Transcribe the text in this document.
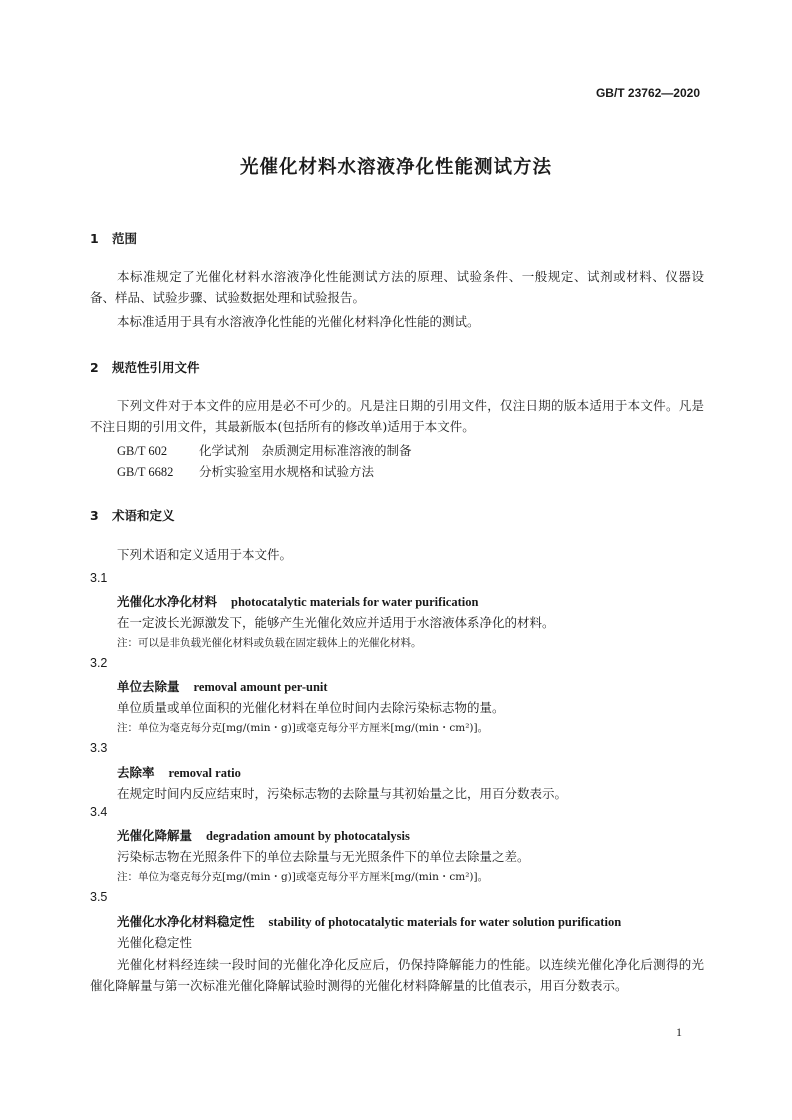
GB/T 23762—2020
光催化材料水溶液净化性能测试方法
1 范围

本标准规定了光催化材料水溶液净化性能测试方法的原理、试验条件、一般规定、试剂或材料、仪器设备、样品、试验步骤、试验数据处理和试验报告。

本标准适用于具有水溶液净化性能的光催化材料净化性能的测试。

2 规范性引用文件

下列文件对于本文件的应用是必不可少的。凡是注日期的引用文件，仅注日期的版本适用于本文件。凡是不注日期的引用文件，其最新版本(包括所有的修改单)适用于本文件。

GB/T 602	化学试剂　杂质测定用标准溶液的制备
GB/T 6682 分析实验室用水规格和试验方法
3 术语和定义
下列术语和定义适用于本文件。
3.1
光催化水净化材料 photocatalytic materials for water purification
在一定波长光源激发下，能够产生光催化效应并适用于水溶液体系净化的材料。
注：可以是非负载光催化材料或负载在固定载体上的光催化材料。
3.2
单位去除量 removal amount per-unit
单位质量或单位面积的光催化材料在单位时间内去除污染标志物的量。
注：单位为毫克每分克[mg/(min・g)]或毫克每分平方厘米[mg/(min・cm²)]。
3.3
去除率 removal ratio
在规定时间内反应结束时，污染标志物的去除量与其初始量之比，用百分数表示。
3.4
光催化降解量 degradation amount by photocatalysis
污染标志物在光照条件下的单位去除量与无光照条件下的单位去除量之差。
注：单位为毫克每分克[mg/(min・g)]或毫克每分平方厘米[mg/(min・cm²)]。
3.5
光催化水净化材料稳定性 stability of photocatalytic materials for water solution purification
光催化稳定性

光催化材料经连续一段时间的光催化净化反应后，仍保持降解能力的性能。以连续光催化净化后测得的光催化降解量与第一次标准光催化降解试验时测得的光催化材料降解量的比值表示，用百分数表示。

1
